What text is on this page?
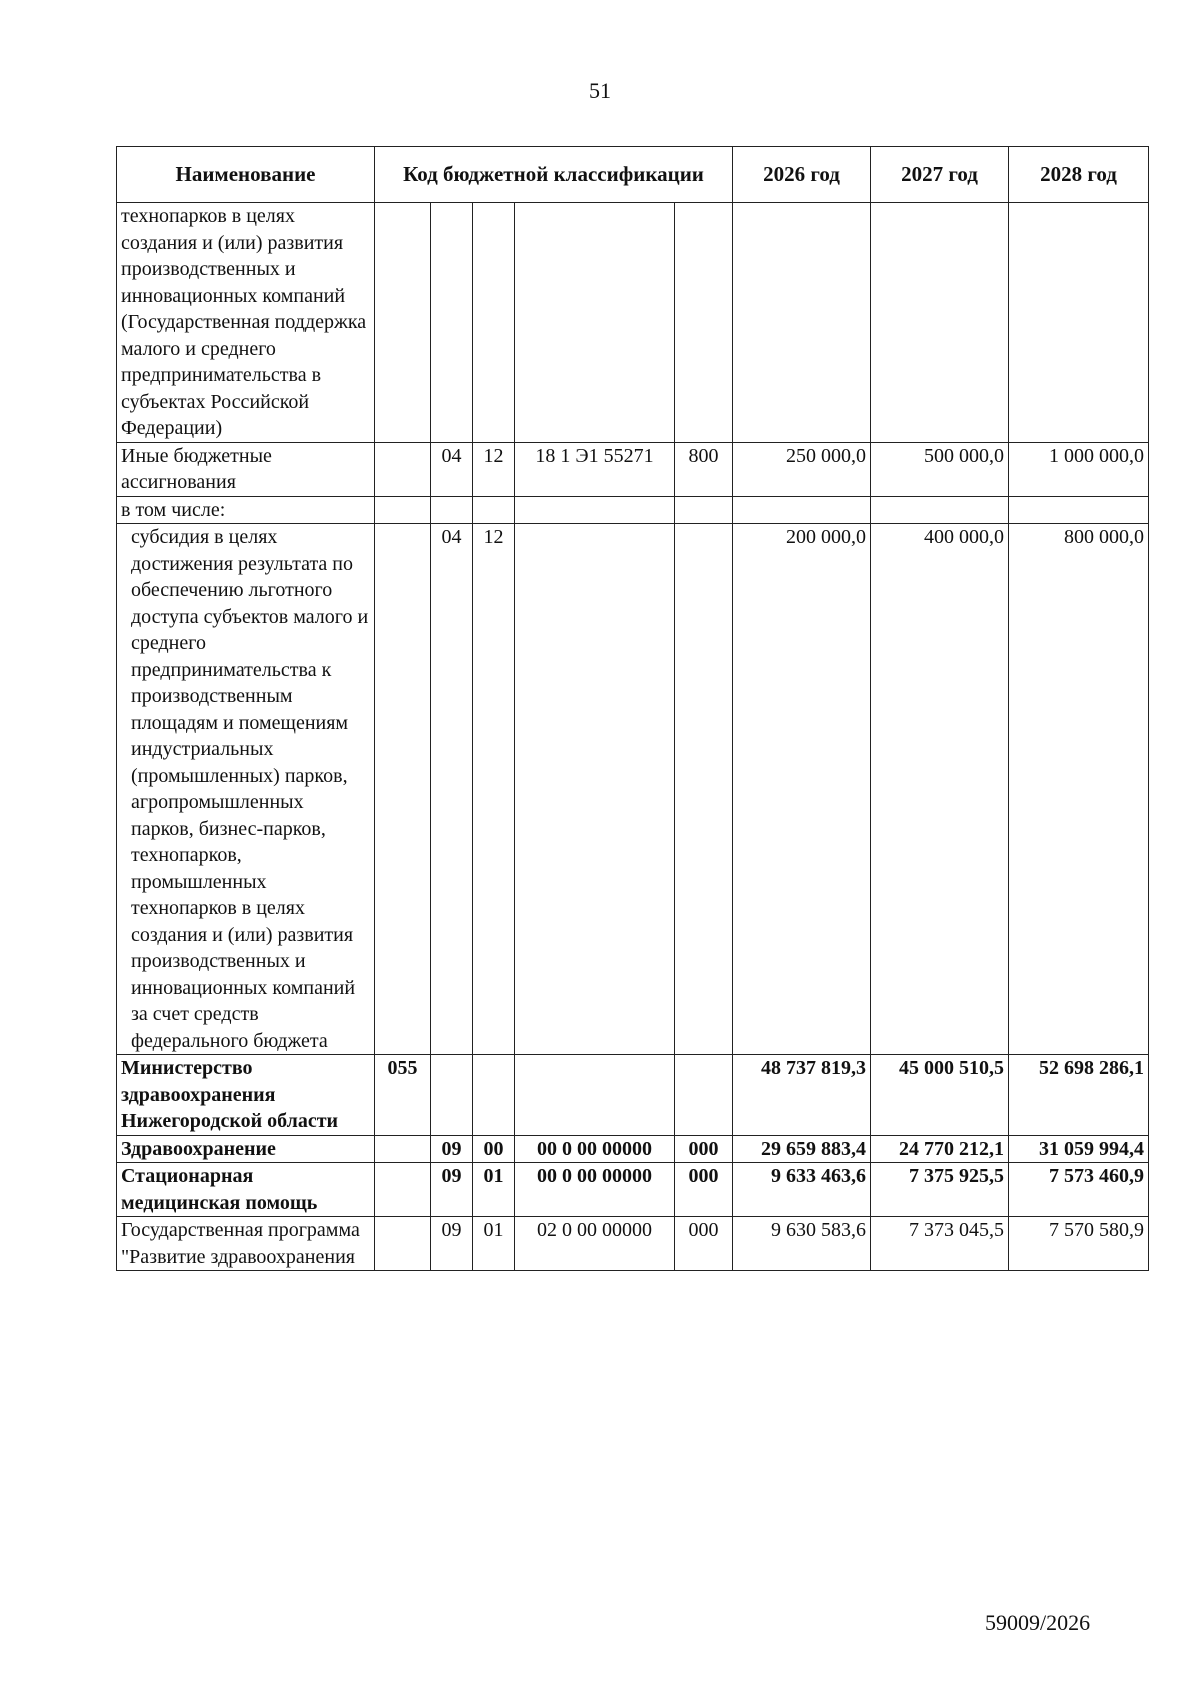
51
Наименование	Код бюджетной классификации					2026 год	2027 год	2028 год
технопарков в целях создания и (или) развития производственных и инновационных компаний (Государственная поддержка малого и среднего предпринимательства в субъектах Российской Федерации)								
Иные бюджетные ассигнования		04	12	18 1 Э1 55271	800	250 000,0	500 000,0	1 000 000,0
в том числе:								
субсидия в целях достижения результата по обеспечению льготного доступа субъектов малого и среднего предпринимательства к производственным площадям и помещениям индустриальных (промышленных) парков, агропромышленных парков, бизнес-парков, технопарков, промышленных технопарков в целях создания и (или) развития производственных и инновационных компаний за счет средств федерального бюджета		04	12			200 000,0	400 000,0	800 000,0
Министерство здравоохранения Нижегородской области	055					48 737 819,3	45 000 510,5	52 698 286,1
Здравоохранение		09	00	00 0 00 00000	000	29 659 883,4	24 770 212,1	31 059 994,4
Стационарная медицинская помощь		09	01	00 0 00 00000	000	9 633 463,6	7 375 925,5	7 573 460,9
Государственная программа "Развитие здравоохранения		09	01	02 0 00 00000	000	9 630 583,6	7 373 045,5	7 570 580,9
59009/2026
